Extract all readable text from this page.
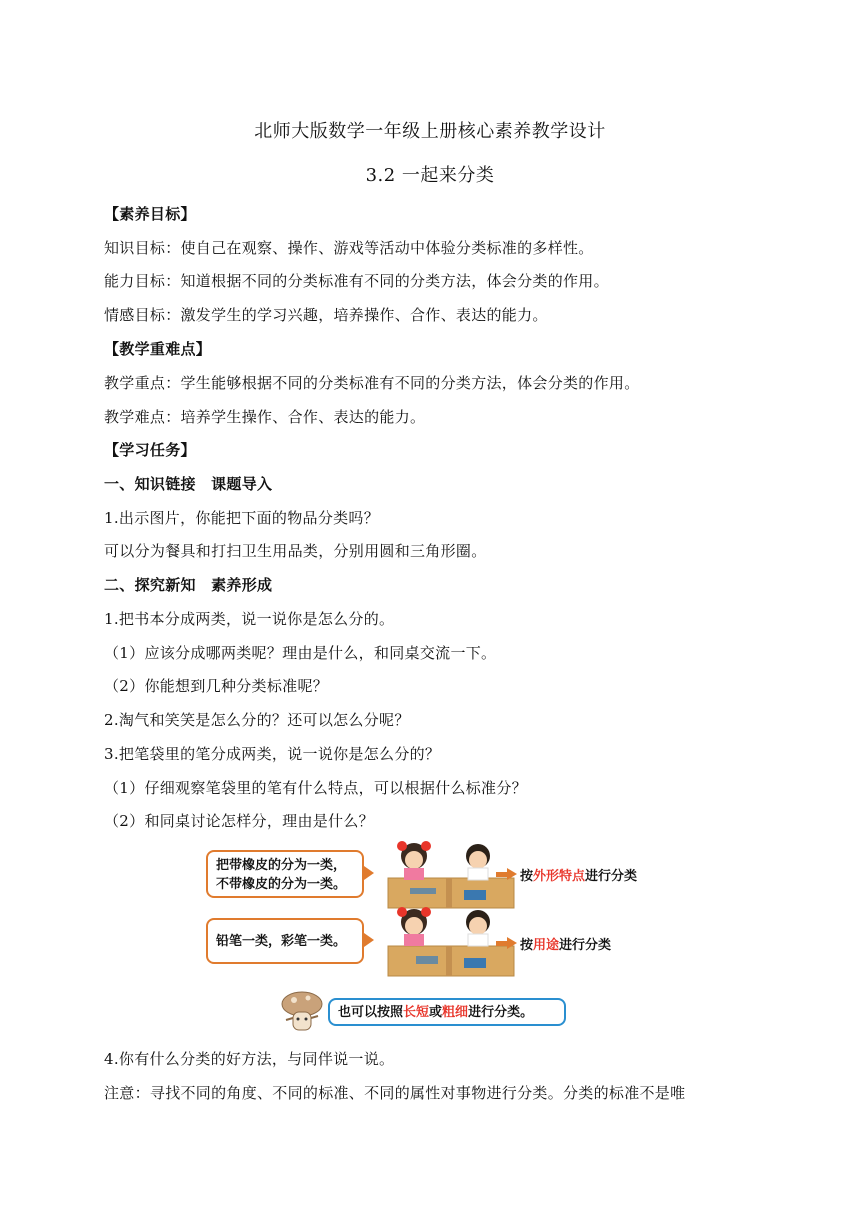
北师大版数学一年级上册核心素养教学设计
3.2 一起来分类
【素养目标】
知识目标：使自己在观察、操作、游戏等活动中体验分类标准的多样性。
能力目标：知道根据不同的分类标准有不同的分类方法，体会分类的作用。
情感目标：激发学生的学习兴趣，培养操作、合作、表达的能力。
【教学重难点】
教学重点：学生能够根据不同的分类标准有不同的分类方法，体会分类的作用。
教学难点：培养学生操作、合作、表达的能力。
【学习任务】
一、知识链接　课题导入
1.出示图片，你能把下面的物品分类吗？
可以分为餐具和打扫卫生用品类，分别用圆和三角形圈。
二、探究新知　素养形成
1.把书本分成两类，说一说你是怎么分的。
（1）应该分成哪两类呢？理由是什么，和同桌交流一下。
（2）你能想到几种分类标准呢？
2.淘气和笑笑是怎么分的？还可以怎么分呢？
3.把笔袋里的笔分成两类，说一说你是怎么分的？
（1）仔细观察笔袋里的笔有什么特点，可以根据什么标准分？
（2）和同桌讨论怎样分，理由是什么？
把带橡皮的分为一类，
不带橡皮的分为一类。
按外形特点进行分类
铅笔一类，彩笔一类。	按用途进行分类
也可以按照长短或粗细进行分类。
4.你有什么分类的好方法，与同伴说一说。
注意：寻找不同的角度、不同的标准、不同的属性对事物进行分类。分类的标准不是唯
